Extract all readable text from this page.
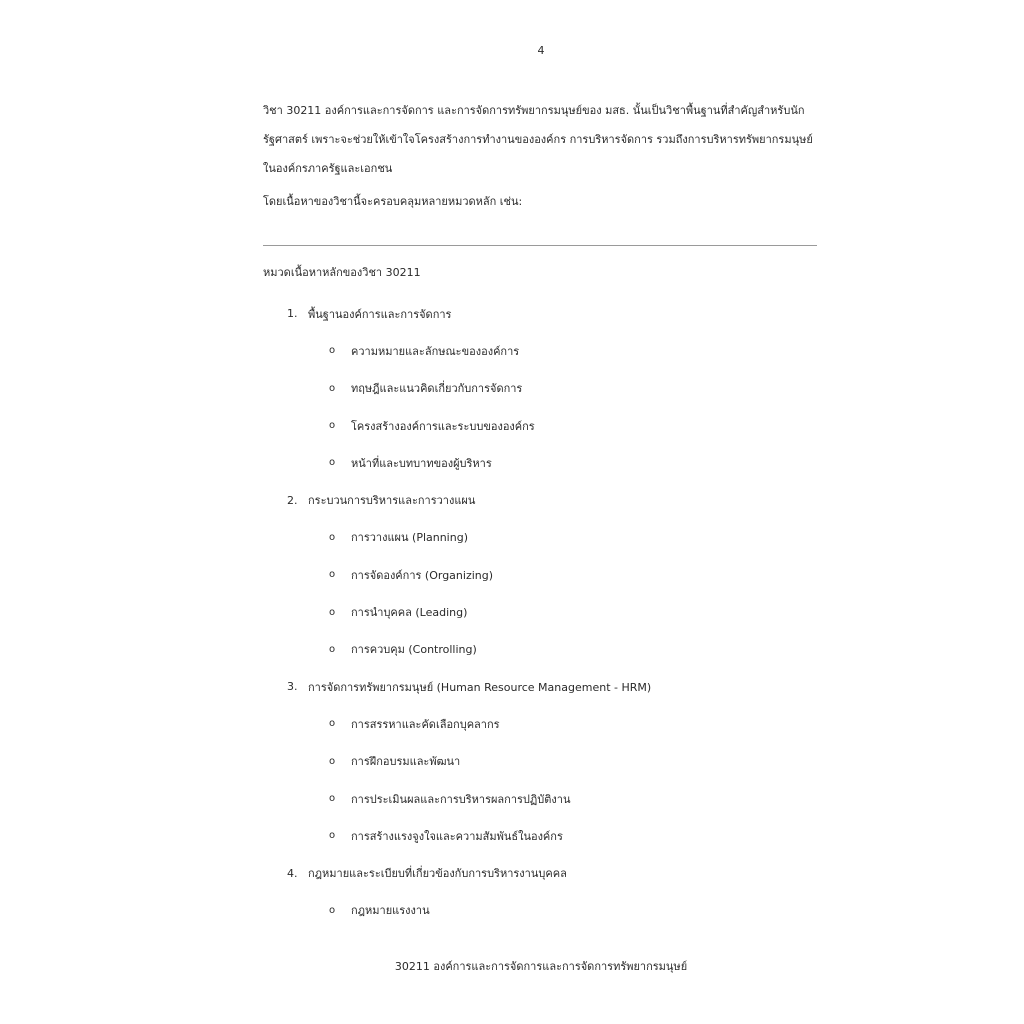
4

วิชา 30211 องค์การและการจัดการ และการจัดการทรัพยากรมนุษย์ของ มสธ. นั้นเป็นวิชาพื้นฐานที่สำคัญสำหรับนักรัฐศาสตร์ เพราะจะช่วยให้เข้าใจโครงสร้างการทำงานขององค์กร การบริหารจัดการ รวมถึงการบริหารทรัพยากรมนุษย์ในองค์กรภาครัฐและเอกชน

โดยเนื้อหาของวิชานี้จะครอบคลุมหลายหมวดหลัก เช่น:

หมวดเนื้อหาหลักของวิชา 30211

1. พื้นฐานองค์การและการจัดการ
o	ความหมายและลักษณะขององค์การ
o	ทฤษฎีและแนวคิดเกี่ยวกับการจัดการ
o	โครงสร้างองค์การและระบบขององค์กร
o	หน้าที่และบทบาทของผู้บริหาร
2. กระบวนการบริหารและการวางแผน
o	การวางแผน (Planning)
o	การจัดองค์การ (Organizing)
o	การนำบุคคล (Leading)
o	การควบคุม (Controlling)
3. การจัดการทรัพยากรมนุษย์ (Human Resource Management - HRM)
o	การสรรหาและคัดเลือกบุคลากร
o	การฝึกอบรมและพัฒนา
o	การประเมินผลและการบริหารผลการปฏิบัติงาน
o	การสร้างแรงจูงใจและความสัมพันธ์ในองค์กร
4. กฎหมายและระเบียบที่เกี่ยวข้องกับการบริหารงานบุคคล
o	กฎหมายแรงงาน
30211 องค์การและการจัดการและการจัดการทรัพยากรมนุษย์
